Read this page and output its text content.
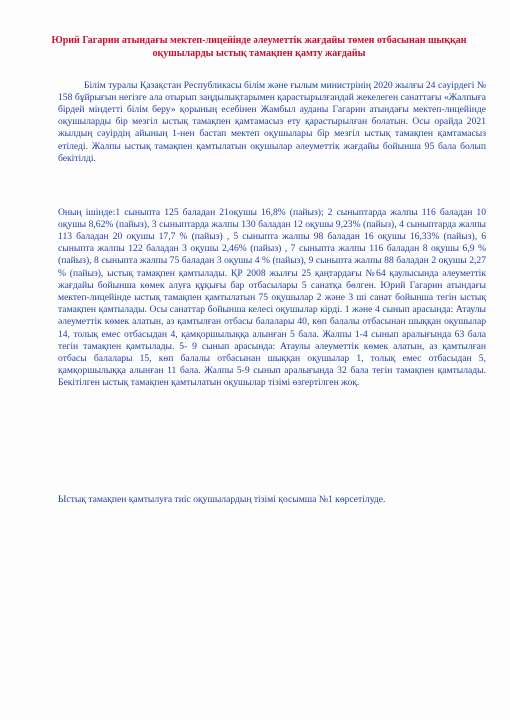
Юрий Гагарин атындағы мектеп-лицейінде әлеуметтік жағдайы төмен отбасынан шыққан оқушыларды ыстық тамақпен қамту жағдайы

Білім туралы Қазақстан Республикасы білім және ғылым министрінің 2020 жылғы 24 сәуірдегі № 158 бұйрығын негізге ала отырып заңдылықтарымен қарастырылғандай жекелеген санаттағы «Жалпыға бірдей міндетті білім беру» қорының есебінен Жамбыл ауданы Гагарин атындағы мектеп-лицейінде оқушыларды бір мезгіл ыстық тамақпен қамтамасыз ету қарастырылған болатын. Осы орайда 2021 жылдың сәуірдің айының 1-нен бастап мектеп оқушылары бір мезгіл ыстық тамақпен қамтамасыз етіледі. Жалпы ыстық тамақпен қамтылатын оқушылар әлеуметтік жағдайы бойынша 95 бала болып бекітілді.

Оның ішінде:1 сыныпта 125 баладан 21оқушы 16,8% (пайыз); 2 сыныптарда жалпы 116 баладан 10 оқушы 8,62% (пайыз), 3 сыныптарда жалпы 130 баладан 12 оқушы 9,23% (пайыз), 4 сыныптарда жалпы 113 баладан 20 оқушы 17,7 % (пайыз) , 5 сыныпта жалпы 98 баладан 16 оқушы 16,33% (пайыз), 6 сыныпта жалпы 122 баладан 3 оқушы 2,46% (пайыз) , 7 сыныпта жалпы 116 баладан 8 оқушы 6,9 % (пайыз), 8 сыныпта жалпы 75 баладан 3 оқушы 4 % (пайыз), 9 сыныпта жалпы 88 баладан 2 оқушы 2,27 % (пайыз), ыстық тамақпен қамтылады. ҚР 2008 жылғы 25 қаңтардағы №64 қаулысында әлеуметтік жағдайы бойынша көмек алуға құқығы бар отбасылары 5 санатқа бөлген. Юрий Гагарин атындағы мектеп-лицейінде ыстық тамақпен қамтылатын 75 оқушылар 2 және 3 ші санат бойынша тегін ыстық тамақпен қамтылады. Осы санаттар бойынша келесі оқушылар кірді. 1 және 4 сынып арасында: Атаулы әлеуметтік көмек алатын, аз қамтылған отбасы балалары 40, көп балалы отбасынан шыққан оқушылар 14, толық емес отбасыдан 4, қамқоршылыққа алынған 5 бала. Жалпы 1-4 сынып аралығында 63 бала тегін тамақпен қамтылады. 5- 9 сынып арасында: Атаулы әлеуметтік көмек алатын, аз қамтылған отбасы балалары 15, көп балалы отбасынан шыққан оқушылар 1, толық емес отбасыдан 5, қамқоршылыққа алынған 11 бала. Жалпы 5-9 сынып аралығында 32 бала тегін тамақпен қамтылады. Бекітілген ыстық тамақпен қамтылатын оқушылар тізімі өзгертілген жоқ.

Ыстық тамақпен қамтылуға тиіс оқушылардың тізімі қосымша №1 көрсетілуде.
